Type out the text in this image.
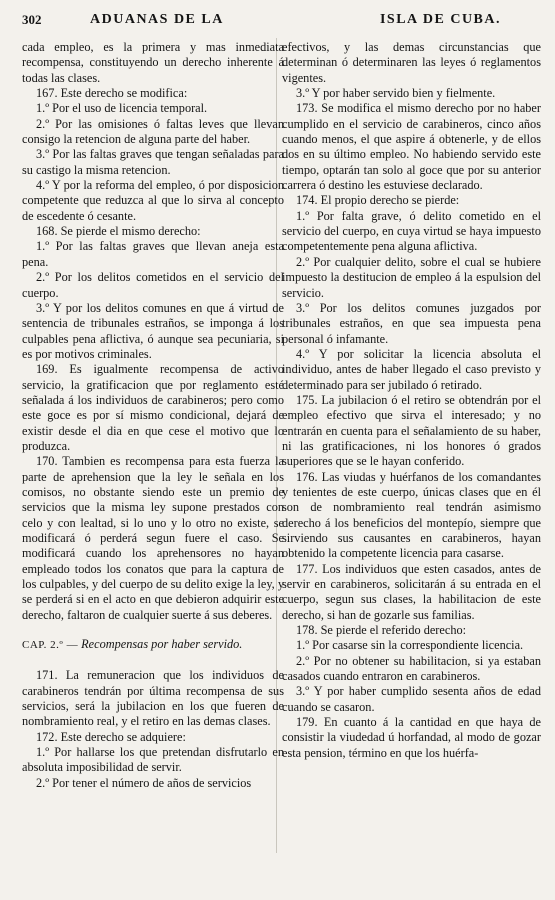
302	ADUANAS DE LA	ISLA DE CUBA.

cada empleo, es la primera y mas inmediata recompensa, constituyendo un derecho inherente á todas las clases.

167. Este derecho se modifica:

1.º Por el uso de licencia temporal.

2.º Por las omisiones ó faltas leves que llevan consigo la retencion de alguna parte del haber.

3.º Por las faltas graves que tengan señaladas para su castigo la misma retencion.

4.º Y por la reforma del empleo, ó por disposicion competente que reduzca al que lo sirva al concepto de escedente ó cesante.

168. Se pierde el mismo derecho:

1.º Por las faltas graves que llevan aneja esta pena.

2.º Por los delitos cometidos en el servicio del cuerpo.

3.º Y por los delitos comunes en que á virtud de sentencia de tribunales estraños, se imponga á los culpables pena aflictiva, ó aunque sea pecuniaria, si es por motivos criminales.

169. Es igualmente recompensa de activo servicio, la gratificacion que por reglamento esté señalada á los individuos de carabineros; pero como este goce es por sí mismo condicional, dejará de existir desde el dia en que cese el motivo que lo produzca.

170. Tambien es recompensa para esta fuerza la parte de aprehension que la ley le señala en los comisos, no obstante siendo este un premio de servicios que la misma ley supone prestados con celo y con lealtad, si lo uno y lo otro no existe, se modificará ó perderá segun fuere el caso. Se modificará cuando los aprehensores no hayan empleado todos los conatos que para la captura de los culpables, y del cuerpo de su delito exige la ley, y se perderá si en el acto en que debieron adquirir este derecho, faltaron de cualquier suerte á sus deberes.

CAP. 2.º — Recompensas por haber servido.

171. La remuneracion que los individuos de carabineros tendrán por última recompensa de sus servicios, será la jubilacion en los que fueren de nombramiento real, y el retiro en las demas clases.

172. Este derecho se adquiere:

1.º Por hallarse los que pretendan disfrutarlo en absoluta imposibilidad de servir.

2.º Por tener el número de años de servicios

efectivos, y las demas circunstancias que determinan ó determinaren las leyes ó reglamentos vigentes.

3.º Y por haber servido bien y fielmente.

173. Se modifica el mismo derecho por no haber cumplido en el servicio de carabineros, cinco años cuando menos, el que aspire á obtenerle, y de ellos dos en su último empleo. No habiendo servido este tiempo, optarán tan solo al goce que por su anterior carrera ó destino les estuviese declarado.

174. El propio derecho se pierde:

1.º Por falta grave, ó delito cometido en el servicio del cuerpo, en cuya virtud se haya impuesto competentemente pena alguna aflictiva.

2.º Por cualquier delito, sobre el cual se hubiere impuesto la destitucion de empleo á la espulsion del servicio.

3.º Por los delitos comunes juzgados por tribunales estraños, en que sea impuesta pena personal ó infamante.

4.º Y por solicitar la licencia absoluta el individuo, antes de haber llegado el caso previsto y determinado para ser jubilado ó retirado.

175. La jubilacion ó el retiro se obtendrán por el empleo efectivo que sirva el interesado; y no entrarán en cuenta para el señalamiento de su haber, ni las gratificaciones, ni los honores ó grados superiores que se le hayan conferido.

176. Las viudas y huérfanos de los comandantes y tenientes de este cuerpo, únicas clases que en él son de nombramiento real tendrán asimismo derecho á los beneficios del montepío, siempre que sirviendo sus causantes en carabineros, hayan obtenido la competente licencia para casarse.

177. Los individuos que esten casados, antes de servir en carabineros, solicitarán á su entrada en el cuerpo, segun sus clases, la habilitacion de este derecho, si han de gozarle sus familias.

178. Se pierde el referido derecho:

1.º Por casarse sin la correspondiente licencia.

2.º Por no obtener su habilitacion, si ya estaban casados cuando entraron en carabineros.

3.º Y por haber cumplido sesenta años de edad cuando se casaron.

179. En cuanto á la cantidad en que haya de consistir la viudedad ú horfandad, al modo de gozar esta pension, término en que los huérfa-
